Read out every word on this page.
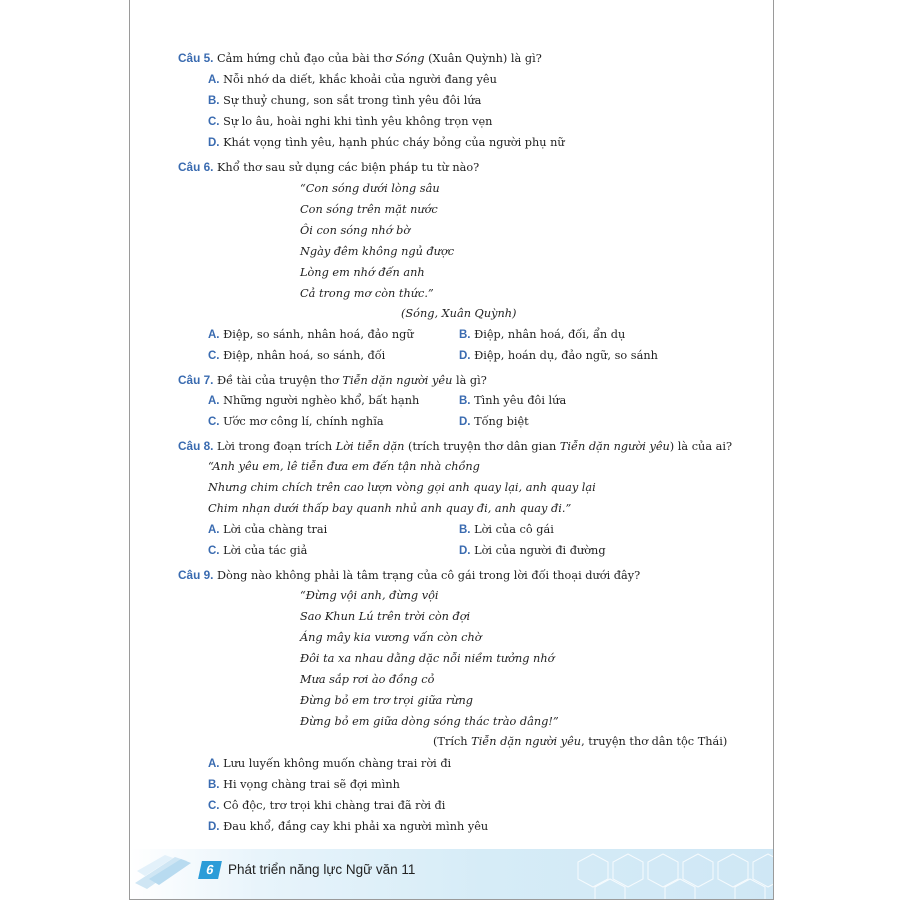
Câu 5. Cảm hứng chủ đạo của bài thơ Sóng (Xuân Quỳnh) là gì?
A. Nỗi nhớ da diết, khắc khoải của người đang yêu
B. Sự thuỷ chung, son sắt trong tình yêu đôi lứa
C. Sự lo âu, hoài nghi khi tình yêu không trọn vẹn
D. Khát vọng tình yêu, hạnh phúc cháy bỏng của người phụ nữ
Câu 6. Khổ thơ sau sử dụng các biện pháp tu từ nào?
“Con sóng dưới lòng sâu
Con sóng trên mặt nước
Ôi con sóng nhớ bờ
Ngày đêm không ngủ được
Lòng em nhớ đến anh
Cả trong mơ còn thức.”
(Sóng, Xuân Quỳnh)
A. Điệp, so sánh, nhân hoá, đảo ngữ	B. Điệp, nhân hoá, đối, ẩn dụ
C. Điệp, nhân hoá, so sánh, đối	D. Điệp, hoán dụ, đảo ngữ, so sánh
Câu 7. Đề tài của truyện thơ Tiễn dặn người yêu là gì?
A. Những người nghèo khổ, bất hạnh	B. Tình yêu đôi lứa
C. Ước mơ công lí, chính nghĩa	D. Tống biệt
Câu 8. Lời trong đoạn trích Lời tiễn dặn (trích truyện thơ dân gian Tiễn dặn người yêu) là của ai?
“Anh yêu em, lê tiễn đưa em đến tận nhà chồng
Nhưng chim chích trên cao lượn vòng gọi anh quay lại, anh quay lại
Chim nhạn dưới thấp bay quanh nhủ anh quay đi, anh quay đi.”
A. Lời của chàng trai	B. Lời của cô gái
C. Lời của tác giả	D. Lời của người đi đường
Câu 9. Dòng nào không phải là tâm trạng của cô gái trong lời đối thoại dưới đây?
“Đừng vội anh, đừng vội
Sao Khun Lú trên trời còn đợi
Áng mây kia vương vấn còn chờ
Đôi ta xa nhau dằng dặc nỗi niềm tưởng nhớ
Mưa sắp rơi ào đồng cỏ
Đừng bỏ em trơ trọi giữa rừng
Đừng bỏ em giữa dòng sóng thác trào dâng!”
(Trích Tiễn dặn người yêu, truyện thơ dân tộc Thái)
A. Lưu luyến không muốn chàng trai rời đi
B. Hi vọng chàng trai sẽ đợi mình
C. Cô độc, trơ trọi khi chàng trai đã rời đi
D. Đau khổ, đắng cay khi phải xa người mình yêu
6 Phát triển năng lực Ngữ văn 11
